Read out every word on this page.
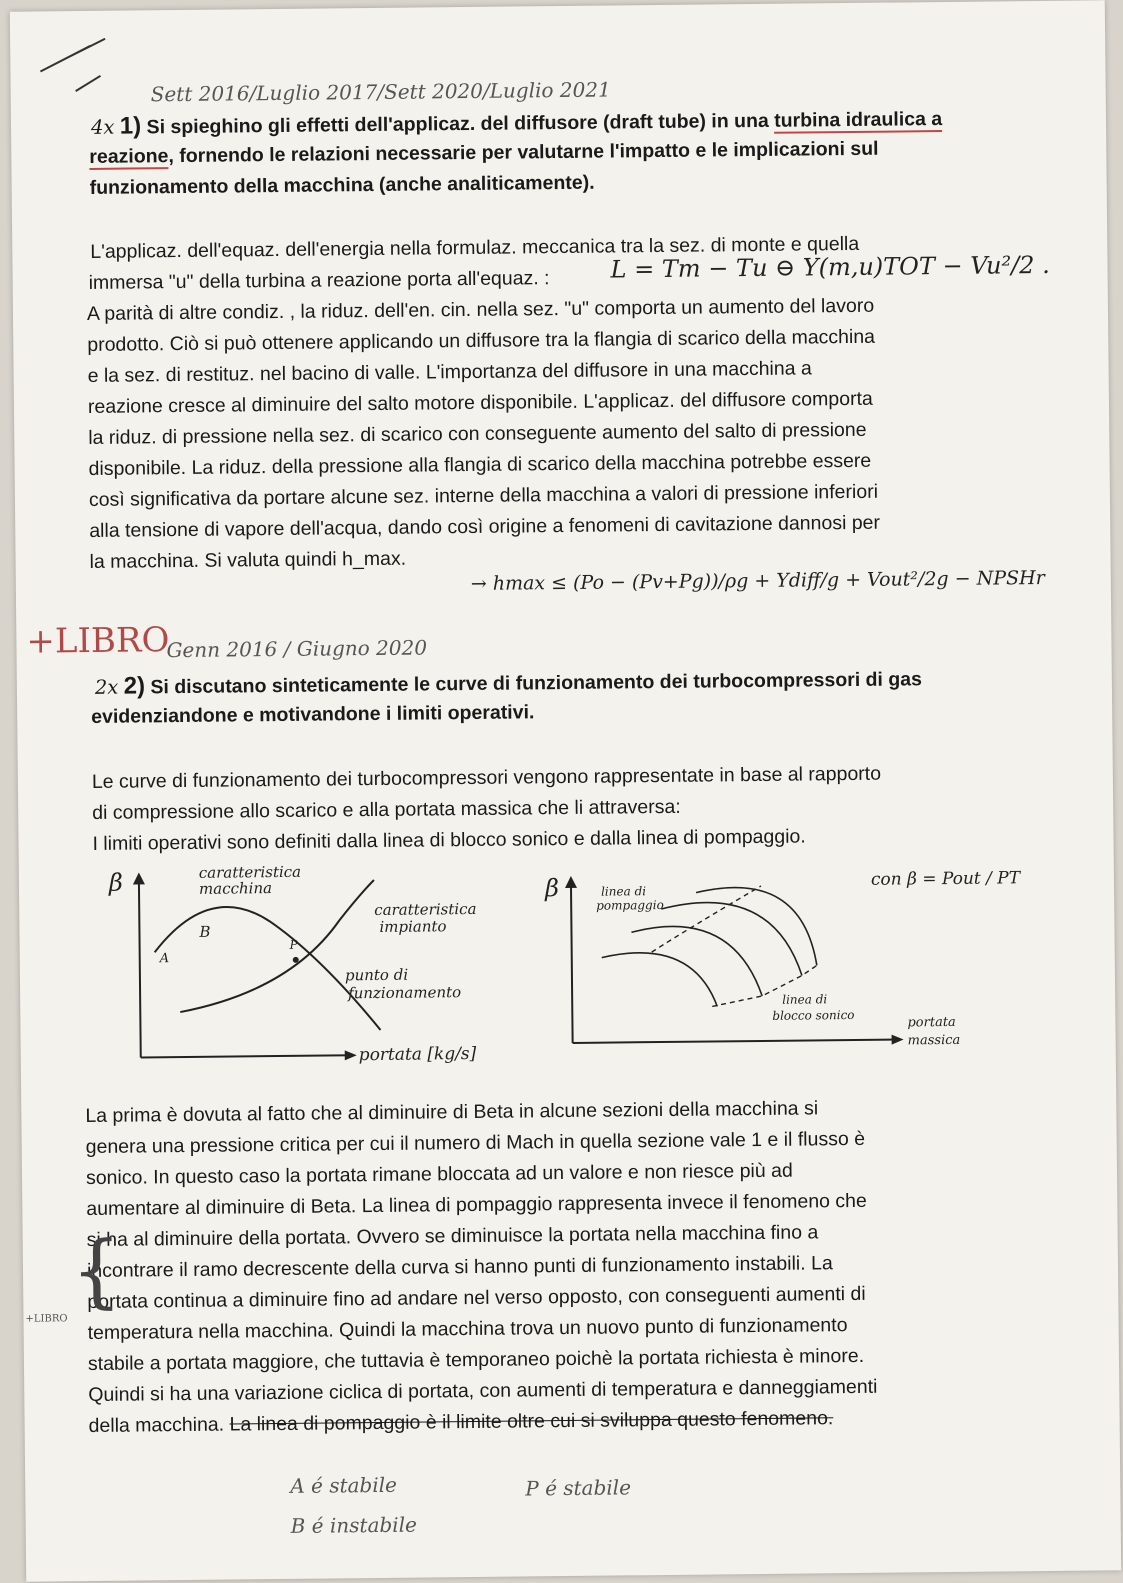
Sett 2016/Luglio 2017/Sett 2020/Luglio 2021
4x 1) Si spieghino gli effetti dell'applicaz. del diffusore (draft tube) in una turbina idraulica a
reazione, fornendo le relazioni necessarie per valutarne l'impatto e le implicazioni sul
funzionamento della macchina (anche analiticamente).
L'applicaz. dell'equaz. dell'energia nella formulaz. meccanica tra la sez. di monte e quella
immersa "u" della turbina a reazione porta all'equaz. :	L = Tm − Tu ⊖ Y(m,u)TOT − Vu²/2 .
A parità di altre condiz. , la riduz. dell'en. cin. nella sez. "u" comporta un aumento del lavoro
prodotto. Ciò si può ottenere applicando un diffusore tra la flangia di scarico della macchina
e la sez. di restituz. nel bacino di valle. L'importanza del diffusore in una macchina a
reazione cresce al diminuire del salto motore disponibile. L'applicaz. del diffusore comporta
la riduz. di pressione nella sez. di scarico con conseguente aumento del salto di pressione
disponibile. La riduz. della pressione alla flangia di scarico della macchina potrebbe essere
così significativa da portare alcune sez. interne della macchina a valori di pressione inferiori
alla tensione di vapore dell'acqua, dando così origine a fenomeni di cavitazione dannosi per
la macchina. Si valuta quindi h_max.
→ hmax ≤ (Po − (Pv+Pg))/ρg + Ydiff/g + Vout²/2g − NPSHr
+LIBRO
Genn 2016 / Giugno 2020
2x 2) Si discutano sinteticamente le curve di funzionamento dei turbocompressori di gas
evidenziandone e motivandone i limiti operativi.
Le curve di funzionamento dei turbocompressori vengono rappresentate in base al rapporto
di compressione allo scarico e alla portata massica che li attraversa:
I limiti operativi sono definiti dalla linea di blocco sonico e dalla linea di pompaggio.
β
portata [kg/s]
caratteristica
macchina
caratteristica
impianto
punto di
funzionamento
A
B
P
β
portata
massica
linea di
pompaggio
linea di
blocco sonico
con β = Pout / PT
La prima è dovuta al fatto che al diminuire di Beta in alcune sezioni della macchina si
genera una pressione critica per cui il numero di Mach in quella sezione vale 1 e il flusso è
sonico. In questo caso la portata rimane bloccata ad un valore e non riesce più ad
aumentare al diminuire di Beta. La linea di pompaggio rappresenta invece il fenomeno che
si ha al diminuire della portata. Ovvero se diminuisce la portata nella macchina fino a
incontrare il ramo decrescente della curva si hanno punti di funzionamento instabili. La
portata continua a diminuire fino ad andare nel verso opposto, con conseguenti aumenti di
temperatura nella macchina. Quindi la macchina trova un nuovo punto di funzionamento
stabile a portata maggiore, che tuttavia è temporaneo poichè la portata richiesta è minore.
Quindi si ha una variazione ciclica di portata, con aumenti di temperatura e danneggiamenti
della macchina. La linea di pompaggio è il limite oltre cui si sviluppa questo fenomeno.
{
+LIBRO
A é stabile	P é stabile
B é instabile
